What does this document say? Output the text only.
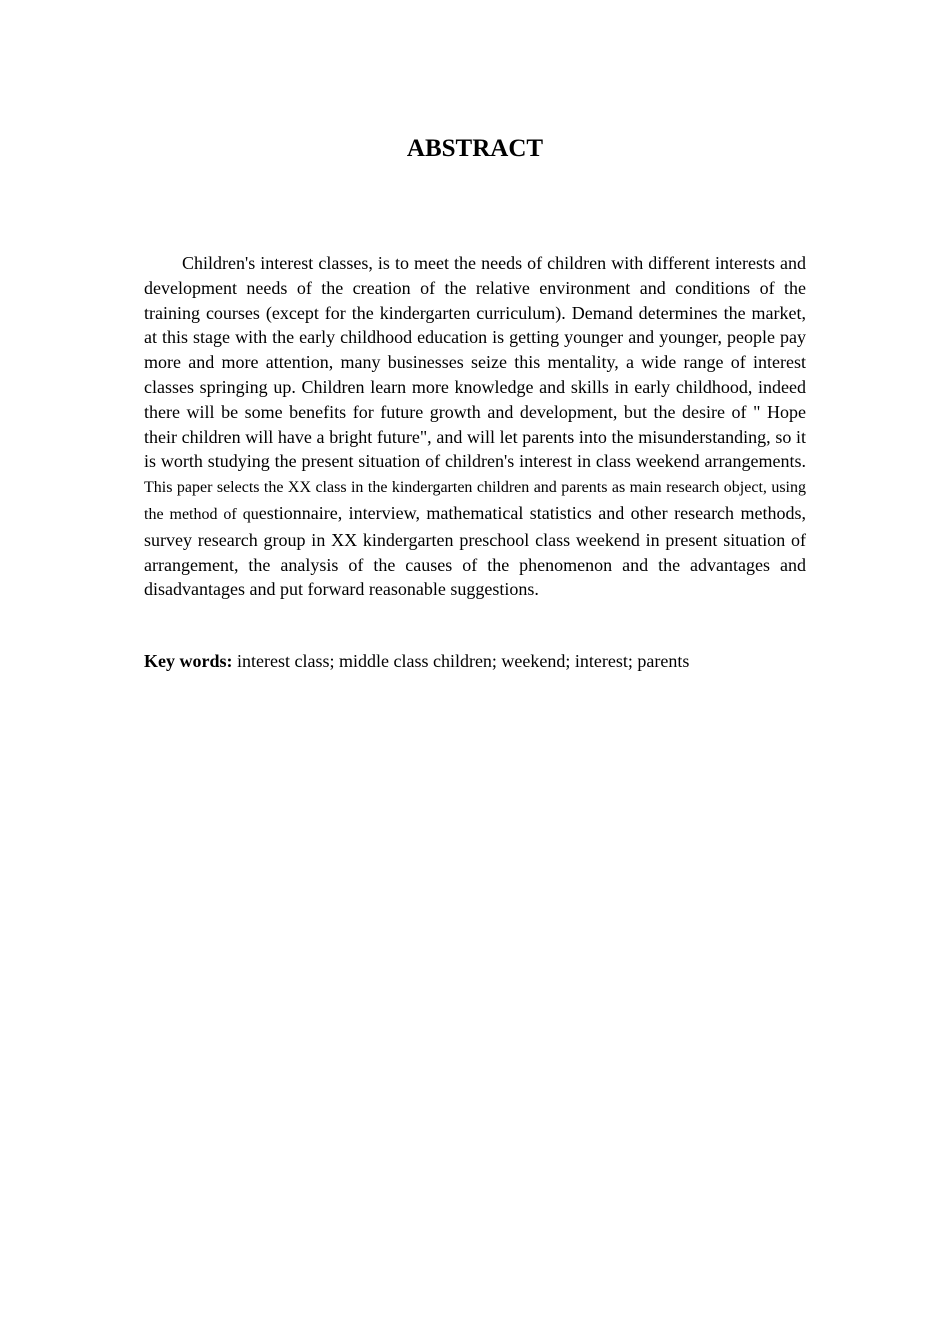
ABSTRACT

Children's interest classes, is to meet the needs of children with different interests and development needs of the creation of the relative environment and conditions of the training courses (except for the kindergarten curriculum). Demand determines the market, at this stage with the early childhood education is getting younger and younger, people pay more and more attention, many businesses seize this mentality, a wide range of interest classes springing up. Children learn more knowledge and skills in early childhood, indeed there will be some benefits for future growth and development, but the desire of " Hope their children will have a bright future", and will let parents into the misunderstanding, so it is worth studying the present situation of children's interest in class weekend arrangements. This paper selects the XX class in the kindergarten children and parents as main research object, using the method of questionnaire, interview, mathematical statistics and other research methods, survey research group in XX kindergarten preschool class weekend in present situation of arrangement, the analysis of the causes of the phenomenon and the advantages and disadvantages and put forward reasonable suggestions.

Key words: interest class; middle class children; weekend; interest; parents
